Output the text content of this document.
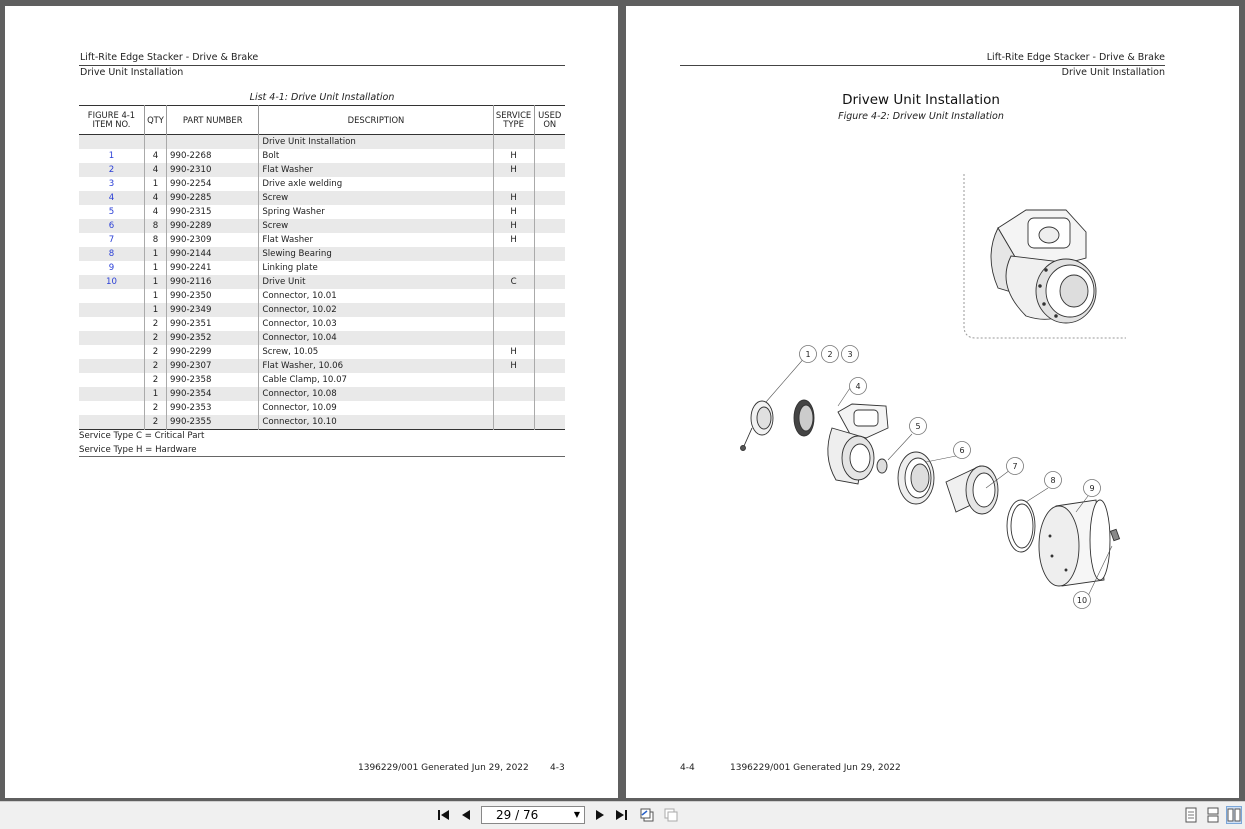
Lift-Rite Edge Stacker - Drive & Brake
Drive Unit Installation
List 4-1: Drive Unit Installation
FIGURE 4-1 ITEM NO.	QTY	PART NUMBER	DESCRIPTION	SERVICE TYPE	USED ON
			Drive Unit Installation		
1	4	990-2268	Bolt	H	
2	4	990-2310	Flat Washer	H	
3	1	990-2254	Drive axle welding		
4	4	990-2285	Screw	H	
5	4	990-2315	Spring Washer	H	
6	8	990-2289	Screw	H	
7	8	990-2309	Flat Washer	H	
8	1	990-2144	Slewing Bearing		
9	1	990-2241	Linking plate		
10	1	990-2116	Drive Unit	C	
	1	990-2350	Connector, 10.01		
	1	990-2349	Connector, 10.02		
	2	990-2351	Connector, 10.03		
	2	990-2352	Connector, 10.04		
	2	990-2299	Screw, 10.05	H	
	2	990-2307	Flat Washer, 10.06	H	
	2	990-2358	Cable Clamp, 10.07		
	1	990-2354	Connector, 10.08		
	2	990-2353	Connector, 10.09		
	2	990-2355	Connector, 10.10		
Service Type C = Critical Part
Service Type H = Hardware
1396229/001 Generated Jun 29, 2022 4-3
Lift-Rite Edge Stacker - Drive & Brake
Drive Unit Installation
Drivew Unit Installation
Figure 4-2: Drivew Unit Installation
1 2 3
4
5
6
7
8
9
10
4-4	1396229/001 Generated Jun 29, 2022
29 / 76	▼
